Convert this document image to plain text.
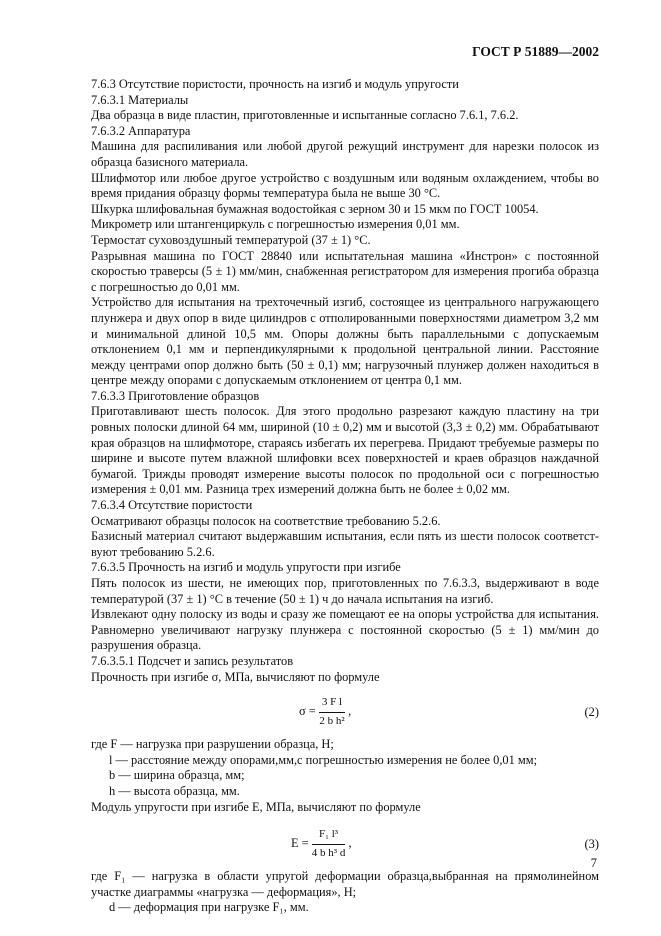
ГОСТ Р 51889—2002

7.6.3 Отсутствие пористости, прочность на изгиб и модуль упругости

7.6.3.1 Материалы

Два образца в виде пластин, приготовленные и испытанные согласно 7.6.1, 7.6.2.

7.6.3.2 Аппаратура

Машина для распиливания или любой другой режущий инструмент для нарезки полосок из образца базисного материала.

Шлифмотор или любое другое устройство с воздушным или водяным охлаждением, чтобы во время придания образцу формы температура была не выше 30 °С.

Шкурка шлифовальная бумажная водостойкая с зерном 30 и 15 мкм по ГОСТ 10054.

Микрометр или штангенциркуль с погрешностью измерения 0,01 мм.

Термостат суховоздушный температурой (37 ± 1) °С.

Разрывная машина по ГОСТ 28840 или испытательная машина «Инстрон» с постоянной скоростью траверсы (5 ± 1) мм/мин, снабженная регистратором для измерения прогиба образца с погрешностью до 0,01 мм.

Устройство для испытания на трехточечный изгиб, состоящее из центрального нагружающего плунжера и двух опор в виде цилиндров с отполированными поверхностями диаметром 3,2 мм и минимальной длиной 10,5 мм. Опоры должны быть параллельными с допускаемым отклонением 0,1 мм и перпендикулярными к продольной центральной линии. Расстояние между центрами опор должно быть (50 ± 0,1) мм; нагрузочный плунжер должен находиться в центре между опорами с допускаемым отклонением от центра 0,1 мм.

7.6.3.3 Приготовление образцов

Приготавливают шесть полосок. Для этого продольно разрезают каждую пластину на три ровных полоски длиной 64 мм, шириной (10 ± 0,2) мм и высотой (3,3 ± 0,2) мм. Обрабатывают края образцов на шлифмоторе, стараясь избегать их перегрева. Придают требуемые размеры по ширине и высоте путем влажной шлифовки всех поверхностей и краев образцов наждачной бумагой. Трижды проводят измерение высоты полосок по продольной оси с погрешностью измерения ± 0,01 мм. Разница трех измерений должна быть не более ± 0,02 мм.

7.6.3.4 Отсутствие пористости

Осматривают образцы полосок на соответствие требованию 5.2.6.

Базисный материал считают выдержавшим испытания, если пять из шести полосок соответст-вуют требованию 5.2.6.

7.6.3.5 Прочность на изгиб и модуль упругости при изгибе

Пять полосок из шести, не имеющих пор, приготовленных по 7.6.3.3, выдерживают в воде температурой (37 ± 1) °С в течение (50 ± 1) ч до начала испытания на изгиб.

Извлекают одну полоску из воды и сразу же помещают ее на опоры устройства для испытания. Равномерно увеличивают нагрузку плунжера с постоянной скоростью (5 ± 1) мм/мин до разрушения образца.

7.6.3.5.1 Подсчет и запись результатов

Прочность при изгибе σ, МПа, вычисляют по формуле

$\sigma = \frac{\text{3 F l}}{\text{2 b h²}}$ ,	(2)

где F — нагрузка при разрушении образца, Н;

l — расстояние между опорами,мм,с погрешностью измерения не более 0,01 мм;

b — ширина образца, мм;

h — высота образца, мм.

Модуль упругости при изгибе E, МПа, вычисляют по формуле

$E = \frac{\text{F₁ l³}}{\text{4 b h³ d}}$ ,	(3)

где F₁ — нагрузка в области упругой деформации образца,выбранная на прямолинейном участке диаграммы «нагрузка — деформация», Н;

d — деформация при нагрузке F₁, мм.

7
